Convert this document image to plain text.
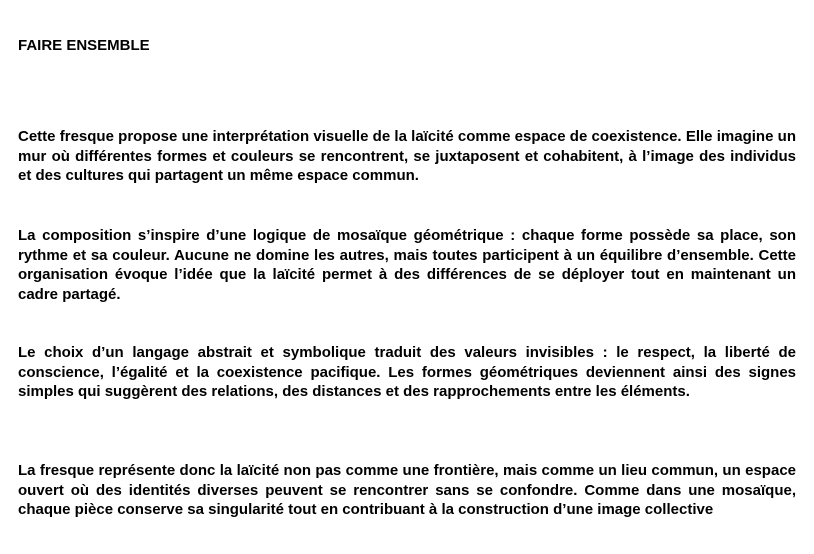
FAIRE ENSEMBLE

Cette fresque propose une interprétation visuelle de la laïcité comme espace de coexistence. Elle imagine un mur où différentes formes et couleurs se rencontrent, se juxtaposent et cohabitent, à l’image des individus et des cultures qui partagent un même espace commun.

La composition s’inspire d’une logique de mosaïque géométrique : chaque forme possède sa place, son rythme et sa couleur. Aucune ne domine les autres, mais toutes participent à un équilibre d’ensemble. Cette organisation évoque l’idée que la laïcité permet à des différences de se déployer tout en maintenant un cadre partagé.

Le choix d’un langage abstrait et symbolique traduit des valeurs invisibles : le respect, la liberté de conscience, l’égalité et la coexistence pacifique. Les formes géométriques deviennent ainsi des signes simples qui suggèrent des relations, des distances et des rapprochements entre les éléments.

La fresque représente donc la laïcité non pas comme une frontière, mais comme un lieu commun, un espace ouvert où des identités diverses peuvent se rencontrer sans se confondre. Comme dans une mosaïque, chaque pièce conserve sa singularité tout en contribuant à la construction d’une image collective
